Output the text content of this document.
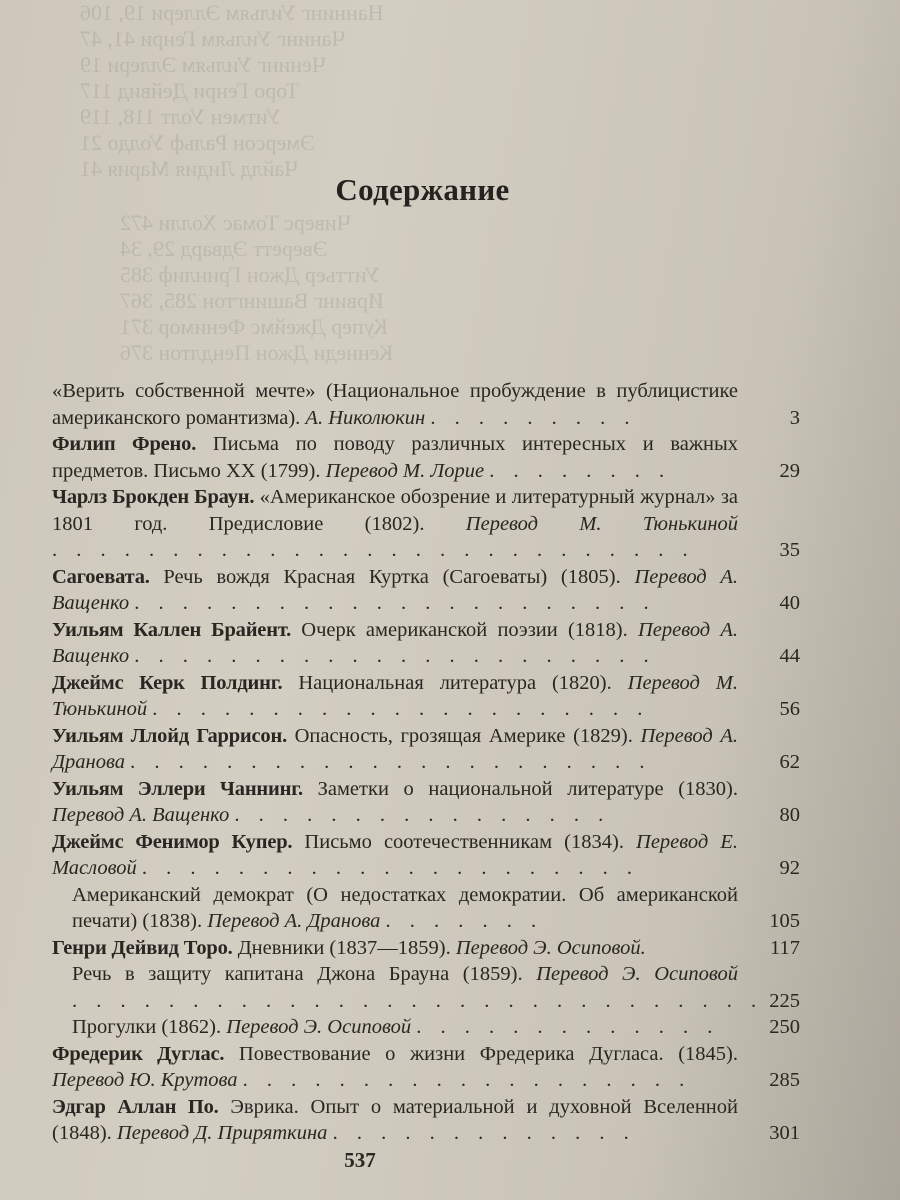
Наннинг Уильям Эллери 19, 106
Чанинг Уильям Генри 41, 47
Ченинг Уильям Эллери 19
Торо Генри Дейвид 117
Уитмен Уолт 118, 119
Эмерсон Ральф Уолдо 21
Чайлд Лидия Мария 41
Чиверс Томас Холли 472
Эверетт Эдвард 29, 34
Уиттьер Джон Гринлиф 385
Ирвинг Вашингтон 285, 367
Купер Джеймс Фенимор 371
Кеннеди Джон Пендлтон 376
Содержание

«Верить собственной мечте» (Национальное пробуждение в публицистике американского романтизма). А. Николюкин . . . . . . . . .	3

Филип Френо. Письма по поводу различных интересных и важных предметов. Письмо XX (1799). Перевод М. Лорие . . . . . . . .	29

Чарлз Брокден Браун. «Американское обозрение и литературный журнал» за 1801 год. Предисловие (1802). Перевод М. Тюнькиной . . . . . . . . . . . . . . . . . . . . . . . . . . .	35

Сагоевата. Речь вождя Красная Куртка (Сагоеваты) (1805). Перевод А. Ващенко . . . . . . . . . . . . . . . . . . . . . .	40

Уильям Каллен Брайент. Очерк американской поэзии (1818). Перевод А. Ващенко . . . . . . . . . . . . . . . . . . . . . .	44

Джеймс Керк Полдинг. Национальная литература (1820). Перевод М. Тюнькиной . . . . . . . . . . . . . . . . . . . . .	56

Уильям Ллойд Гаррисон. Опасность, грозящая Америке (1829). Перевод А. Дранова . . . . . . . . . . . . . . . . . . . . . .	62

Уильям Эллери Чаннинг. Заметки о национальной литературе (1830). Перевод А. Ващенко . . . . . . . . . . . . . . . .	80

Джеймс Фенимор Купер. Письмо соотечественникам (1834). Перевод Е. Масловой . . . . . . . . . . . . . . . . . . . . .	92

Американский демократ (О недостатках демократии. Об американской печати) (1838). Перевод А. Дранова . . . . . . .	105

Генри Дейвид Торо. Дневники (1837—1859). Перевод Э. Осиповой.	117

Речь в защиту капитана Джона Брауна (1859). Перевод Э. Осиповой . . . . . . . . . . . . . . . . . . . . . . . . . . . . . 225

Прогулки (1862). Перевод Э. Осиповой . . . . . . . . . . . . .	250

Фредерик Дуглас. Повествование о жизни Фредерика Дугласа. (1845). Перевод Ю. Крутова . . . . . . . . . . . . . . . . . . .	285

Эдгар Аллан По. Эврика. Опыт о материальной и духовной Вселенной (1848). Перевод Д. Приряткина . . . . . . . . . . . . .	301

537
